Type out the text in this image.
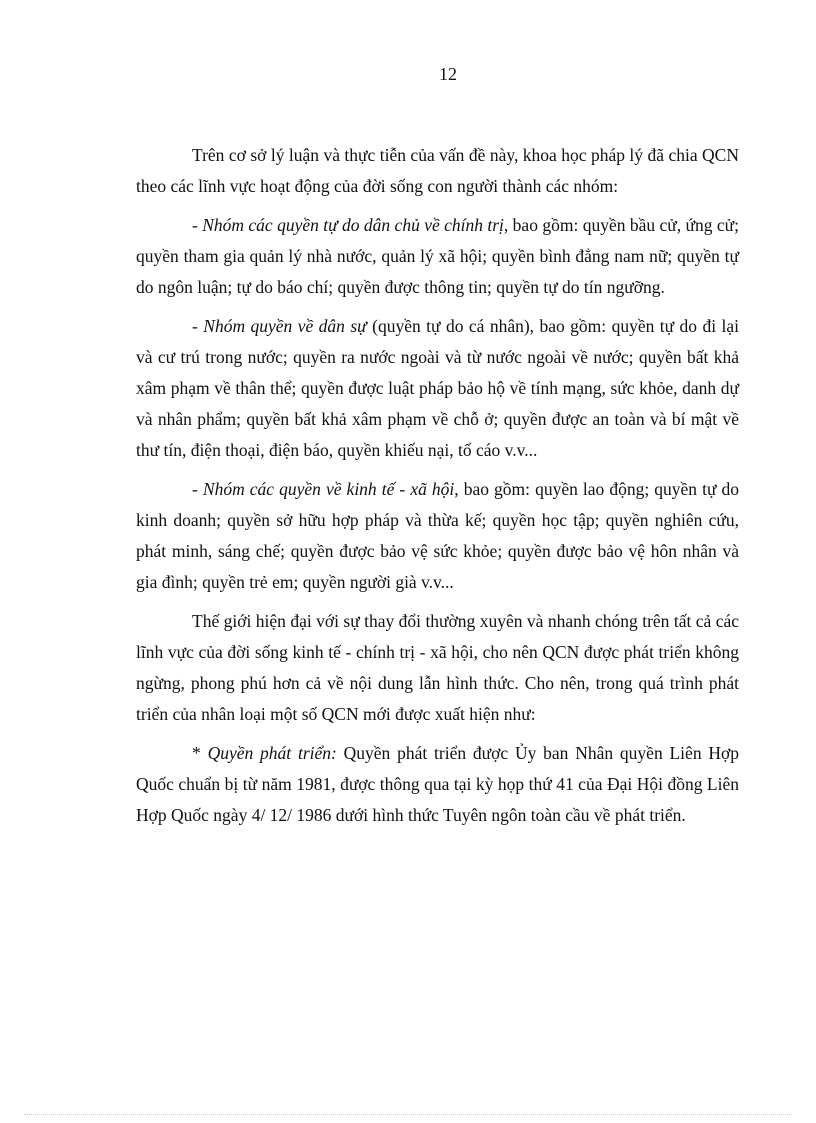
12

Trên cơ sở lý luận và thực tiễn của vấn đề này, khoa học pháp lý đã chia QCN theo các lĩnh vực hoạt động của đời sống con người thành các nhóm:

- Nhóm các quyền tự do dân chủ về chính trị, bao gồm: quyền bầu cử, ứng cử; quyền tham gia quản lý nhà nước, quản lý xã hội; quyền bình đẳng nam nữ; quyền tự do ngôn luận; tự do báo chí; quyền được thông tin; quyền tự do tín ngưỡng.

- Nhóm quyền về dân sự (quyền tự do cá nhân), bao gồm: quyền tự do đi lại và cư trú trong nước; quyền ra nước ngoài và từ nước ngoài về nước; quyền bất khả xâm phạm về thân thể; quyền được luật pháp bảo hộ về tính mạng, sức khỏe, danh dự và nhân phẩm; quyền bất khả xâm phạm về chỗ ở; quyền được an toàn và bí mật về thư tín, điện thoại, điện báo, quyền khiếu nại, tố cáo v.v...

- Nhóm các quyền về kinh tế - xã hội, bao gồm: quyền lao động; quyền tự do kinh doanh; quyền sở hữu hợp pháp và thừa kế; quyền học tập; quyền nghiên cứu, phát minh, sáng chế; quyền được bảo vệ sức khỏe; quyền được bảo vệ hôn nhân và gia đình; quyền trẻ em; quyền người già v.v...

Thế giới hiện đại với sự thay đổi thường xuyên và nhanh chóng trên tất cả các lĩnh vực của đời sống kinh tế - chính trị - xã hội, cho nên QCN được phát triển không ngừng, phong phú hơn cả về nội dung lẫn hình thức. Cho nên, trong quá trình phát triển của nhân loại một số QCN mới được xuất hiện như:

* Quyền phát triển: Quyền phát triển được Ủy ban Nhân quyền Liên Hợp Quốc chuẩn bị từ năm 1981, được thông qua tại kỳ họp thứ 41 của Đại Hội đồng Liên Hợp Quốc ngày 4/ 12/ 1986 dưới hình thức Tuyên ngôn toàn cầu về phát triển.
